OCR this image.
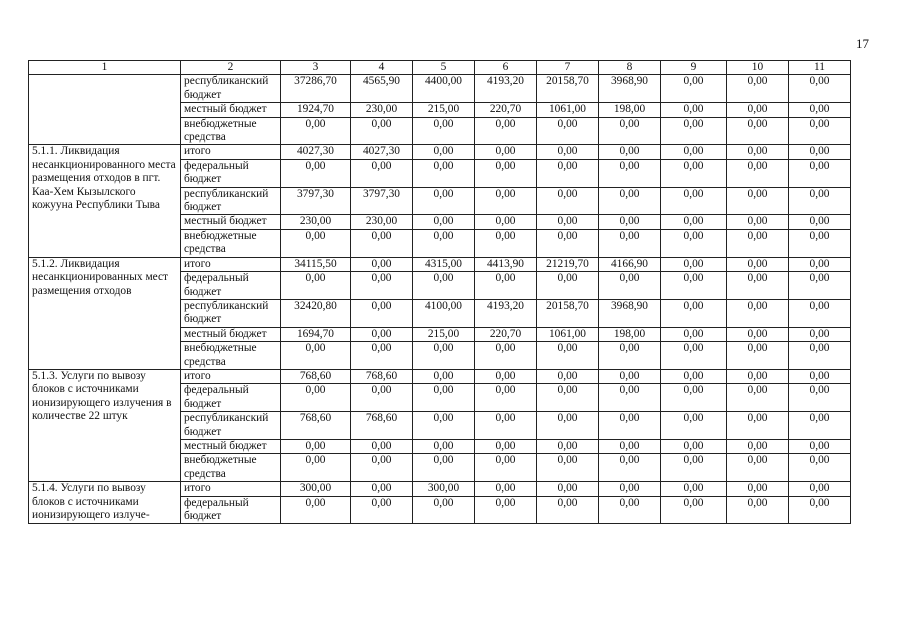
17
1	2	3	4	5	6	7	8	9	10	11
	республиканский бюджет	37286,70	4565,90	4400,00	4193,20	20158,70	3968,90	0,00	0,00	0,00
	местный бюджет	1924,70	230,00	215,00	220,70	1061,00	198,00	0,00	0,00	0,00
	внебюджетные средства	0,00	0,00	0,00	0,00	0,00	0,00	0,00	0,00	0,00
5.1.1. Ликвидация несанкционированного места размещения отходов в пгт. Каа-Хем Кызылского кожууна Республики Тыва	итого	4027,30	4027,30	0,00	0,00	0,00	0,00	0,00	0,00	0,00
	федеральный бюджет	0,00	0,00	0,00	0,00	0,00	0,00	0,00	0,00	0,00
	республиканский бюджет	3797,30	3797,30	0,00	0,00	0,00	0,00	0,00	0,00	0,00
	местный бюджет	230,00	230,00	0,00	0,00	0,00	0,00	0,00	0,00	0,00
	внебюджетные средства	0,00	0,00	0,00	0,00	0,00	0,00	0,00	0,00	0,00
5.1.2. Ликвидация несанкционированных мест размещения отходов	итого	34115,50	0,00	4315,00	4413,90	21219,70	4166,90	0,00	0,00	0,00
	федеральный бюджет	0,00	0,00	0,00	0,00	0,00	0,00	0,00	0,00	0,00
	республиканский бюджет	32420,80	0,00	4100,00	4193,20	20158,70	3968,90	0,00	0,00	0,00
	местный бюджет	1694,70	0,00	215,00	220,70	1061,00	198,00	0,00	0,00	0,00
	внебюджетные средства	0,00	0,00	0,00	0,00	0,00	0,00	0,00	0,00	0,00
5.1.3. Услуги по вывозу блоков с источниками ионизирующего излучения в количестве 22 штук	итого	768,60	768,60	0,00	0,00	0,00	0,00	0,00	0,00	0,00
	федеральный бюджет	0,00	0,00	0,00	0,00	0,00	0,00	0,00	0,00	0,00
	республиканский бюджет	768,60	768,60	0,00	0,00	0,00	0,00	0,00	0,00	0,00
	местный бюджет	0,00	0,00	0,00	0,00	0,00	0,00	0,00	0,00	0,00
	внебюджетные средства	0,00	0,00	0,00	0,00	0,00	0,00	0,00	0,00	0,00
5.1.4. Услуги по вывозу блоков с источниками ионизирующего излуче-	итого	300,00	0,00	300,00	0,00	0,00	0,00	0,00	0,00	0,00
	федеральный бюджет	0,00	0,00	0,00	0,00	0,00	0,00	0,00	0,00	0,00
